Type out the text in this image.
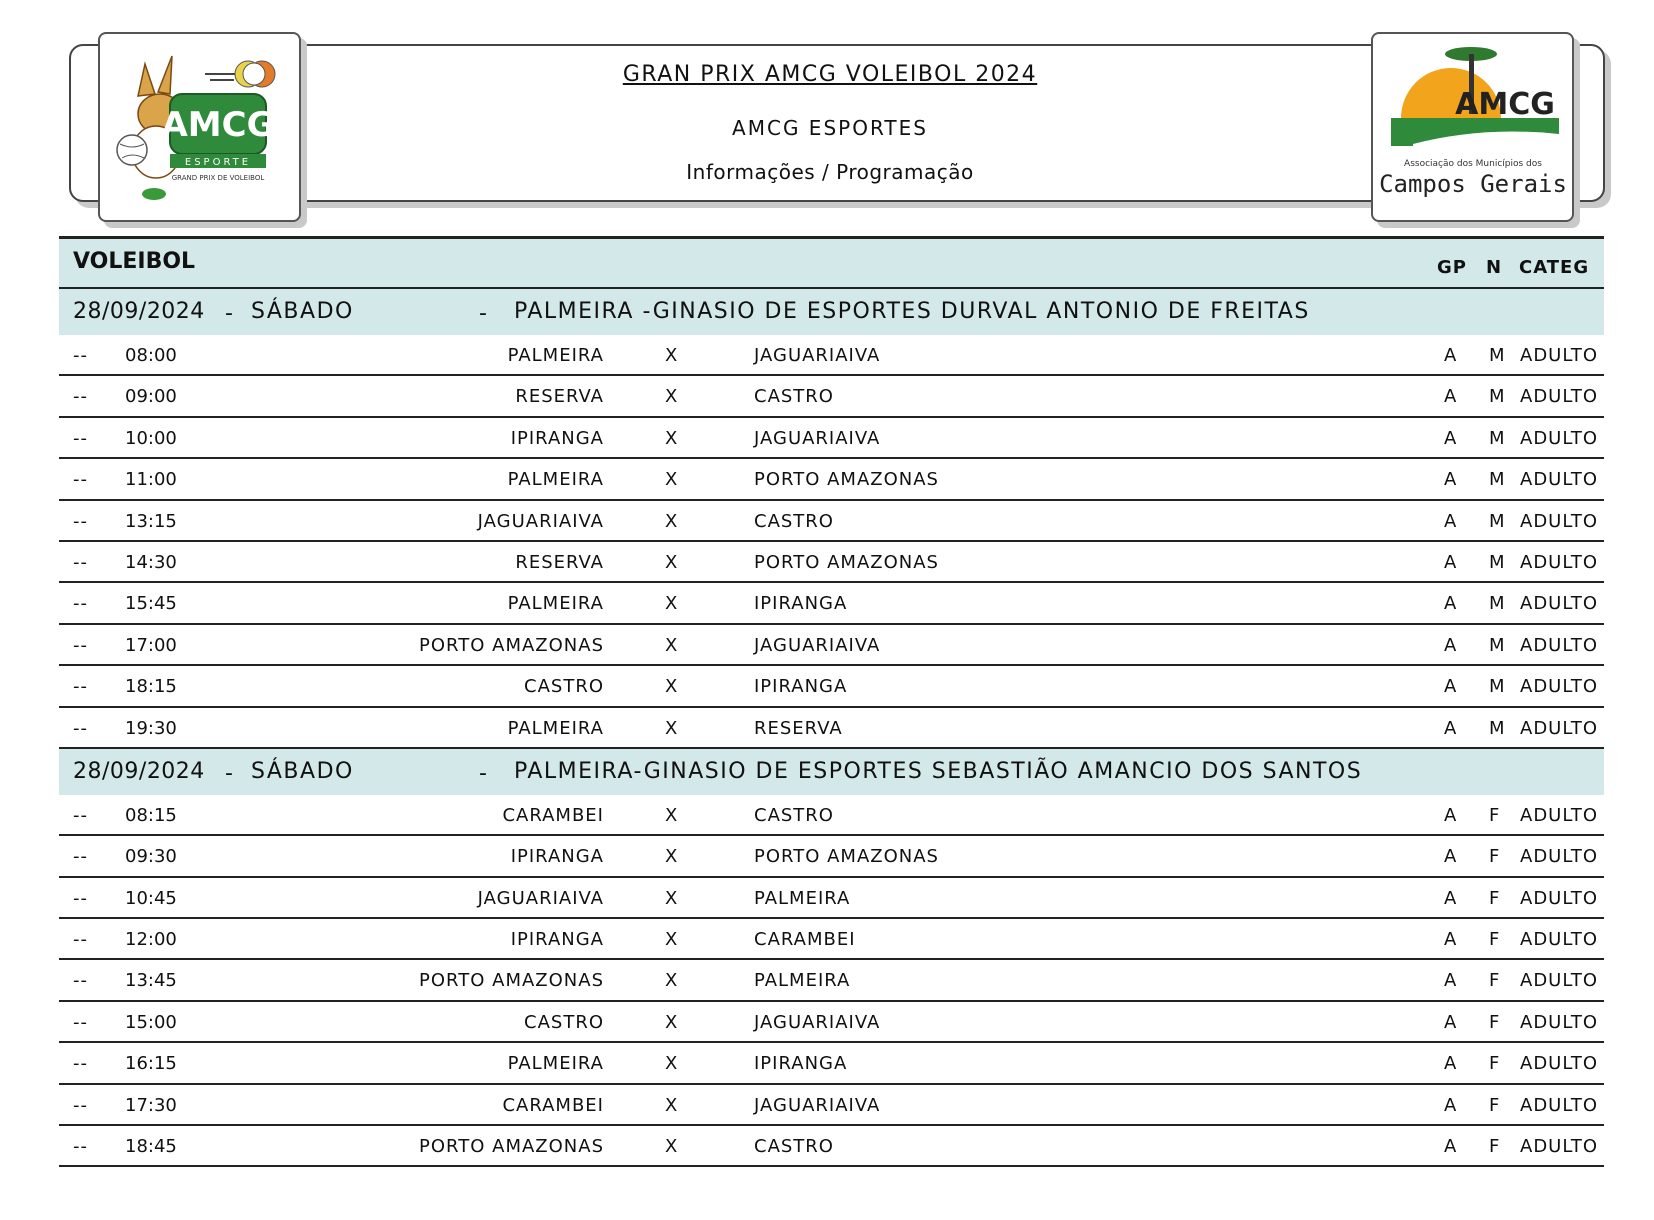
AMCG
ESPORTE
GRAND PRIX DE VOLEIBOL
AMCG
Associação dos Municípios dos
Campos Gerais
GRAN PRIX AMCG VOLEIBOL 2024
AMCG ESPORTES
Informações / Programação
VOLEIBOL	GP N CATEG
28/09/2024 - SÁBADO	- PALMEIRA -GINASIO DE ESPORTES DURVAL ANTONIO DE FREITAS
-- 08:00	PALMEIRA	X	JAGUARIAIVA	A M ADULTO
-- 09:00	RESERVA	X	CASTRO	A M ADULTO
-- 10:00	IPIRANGA	X	JAGUARIAIVA	A M ADULTO
-- 11:00	PALMEIRA	X	PORTO AMAZONAS	A M ADULTO
-- 13:15	JAGUARIAIVA	X	CASTRO	A M ADULTO
-- 14:30	RESERVA	X	PORTO AMAZONAS	A M ADULTO
-- 15:45	PALMEIRA	X	IPIRANGA	A M ADULTO
-- 17:00	PORTO AMAZONAS	X	JAGUARIAIVA	A M ADULTO
-- 18:15	CASTRO	X	IPIRANGA	A M ADULTO
-- 19:30	PALMEIRA	X	RESERVA	A M ADULTO
28/09/2024 - SÁBADO	- PALMEIRA-GINASIO DE ESPORTES SEBASTIÃO AMANCIO DOS SANTOS
-- 08:15	CARAMBEI	X	CASTRO	A F ADULTO
-- 09:30	IPIRANGA	X	PORTO AMAZONAS	A F ADULTO
-- 10:45	JAGUARIAIVA	X	PALMEIRA	A F ADULTO
-- 12:00	IPIRANGA	X	CARAMBEI	A F ADULTO
-- 13:45	PORTO AMAZONAS	X	PALMEIRA	A F ADULTO
-- 15:00	CASTRO	X	JAGUARIAIVA	A F ADULTO
-- 16:15	PALMEIRA	X	IPIRANGA	A F ADULTO
-- 17:30	CARAMBEI	X	JAGUARIAIVA	A F ADULTO
-- 18:45	PORTO AMAZONAS	X	CASTRO	A F ADULTO
